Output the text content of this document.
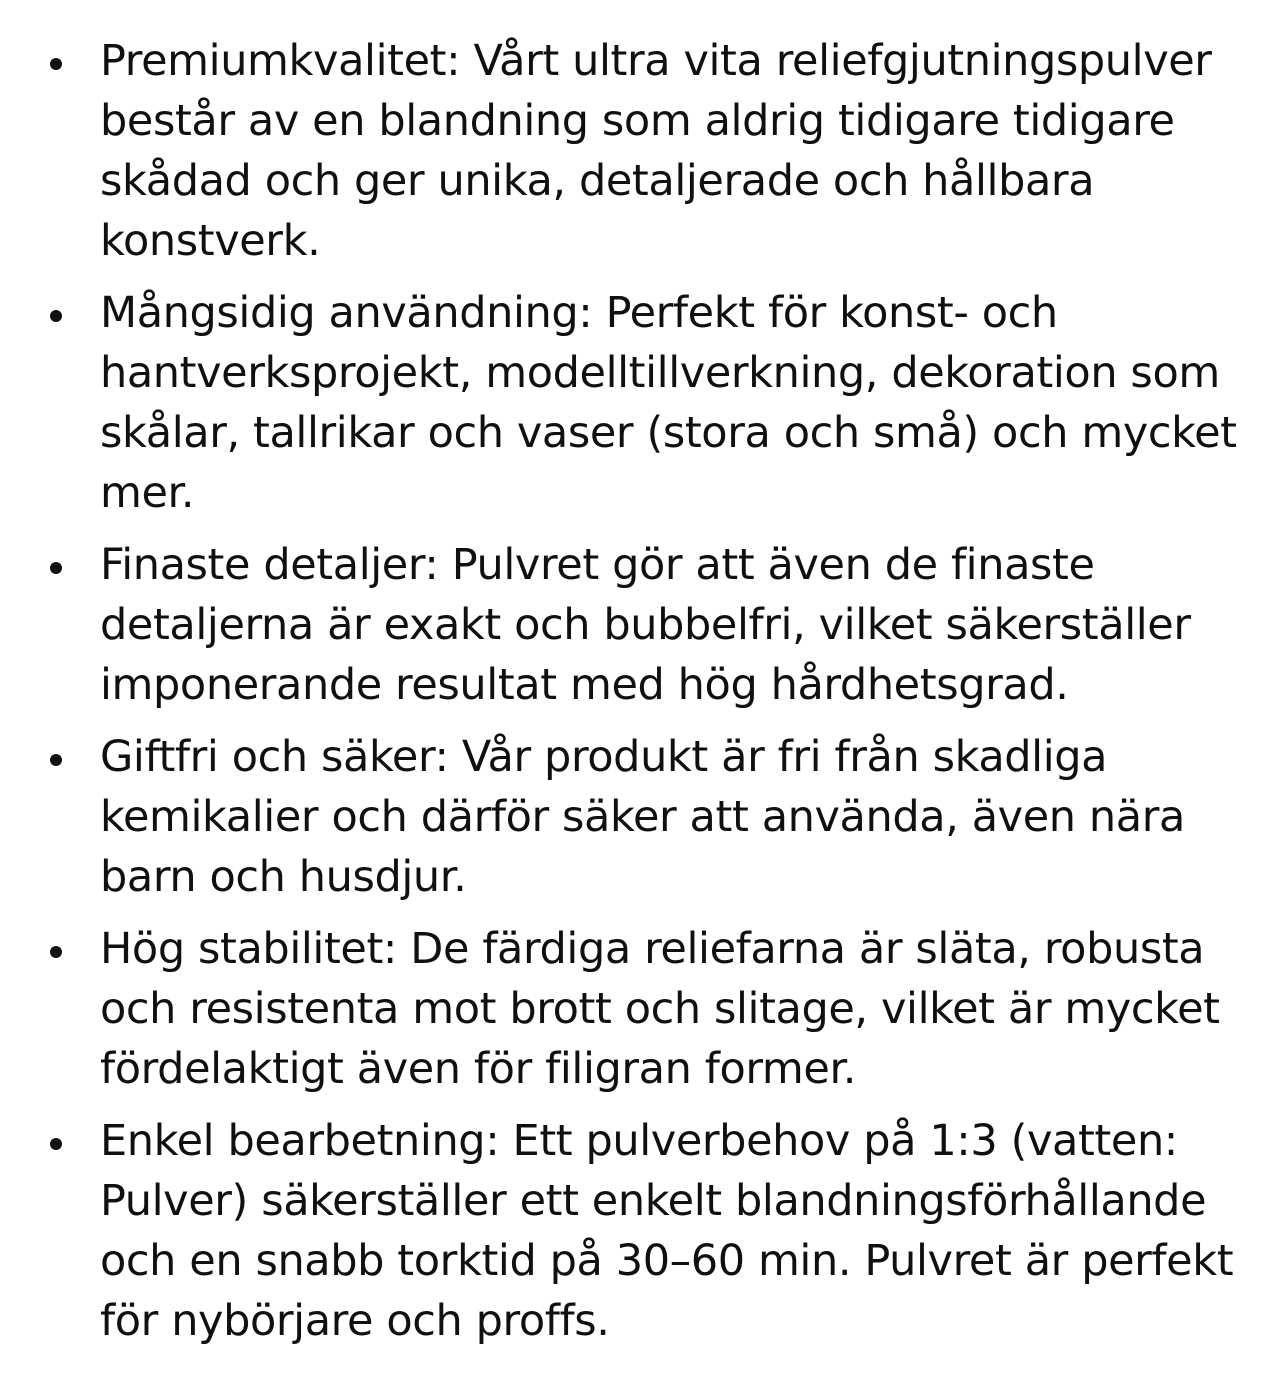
Premiumkvalitet: Vårt ultra vita reliefgjutningspulver består av en blandning som aldrig tidigare tidigare skådad och ger unika, detaljerade och hållbara konstverk.
Mångsidig användning: Perfekt för konst- och hantverksprojekt, modelltillverkning, dekoration som skålar, tallrikar och vaser (stora och små) och mycket mer.
Finaste detaljer: Pulvret gör att även de finaste detaljerna är exakt och bubbelfri, vilket säkerställer imponerande resultat med hög hårdhetsgrad.
Giftfri och säker: Vår produkt är fri från skadliga kemikalier och därför säker att använda, även nära barn och husdjur.
Hög stabilitet: De färdiga reliefarna är släta, robusta och resistenta mot brott och slitage, vilket är mycket fördelaktigt även för filigran former.
Enkel bearbetning: Ett pulverbehov på 1:3 (vatten: Pulver) säkerställer ett enkelt blandningsförhållande och en snabb torktid på 30–60 min. Pulvret är perfekt för nybörjare och proffs.
